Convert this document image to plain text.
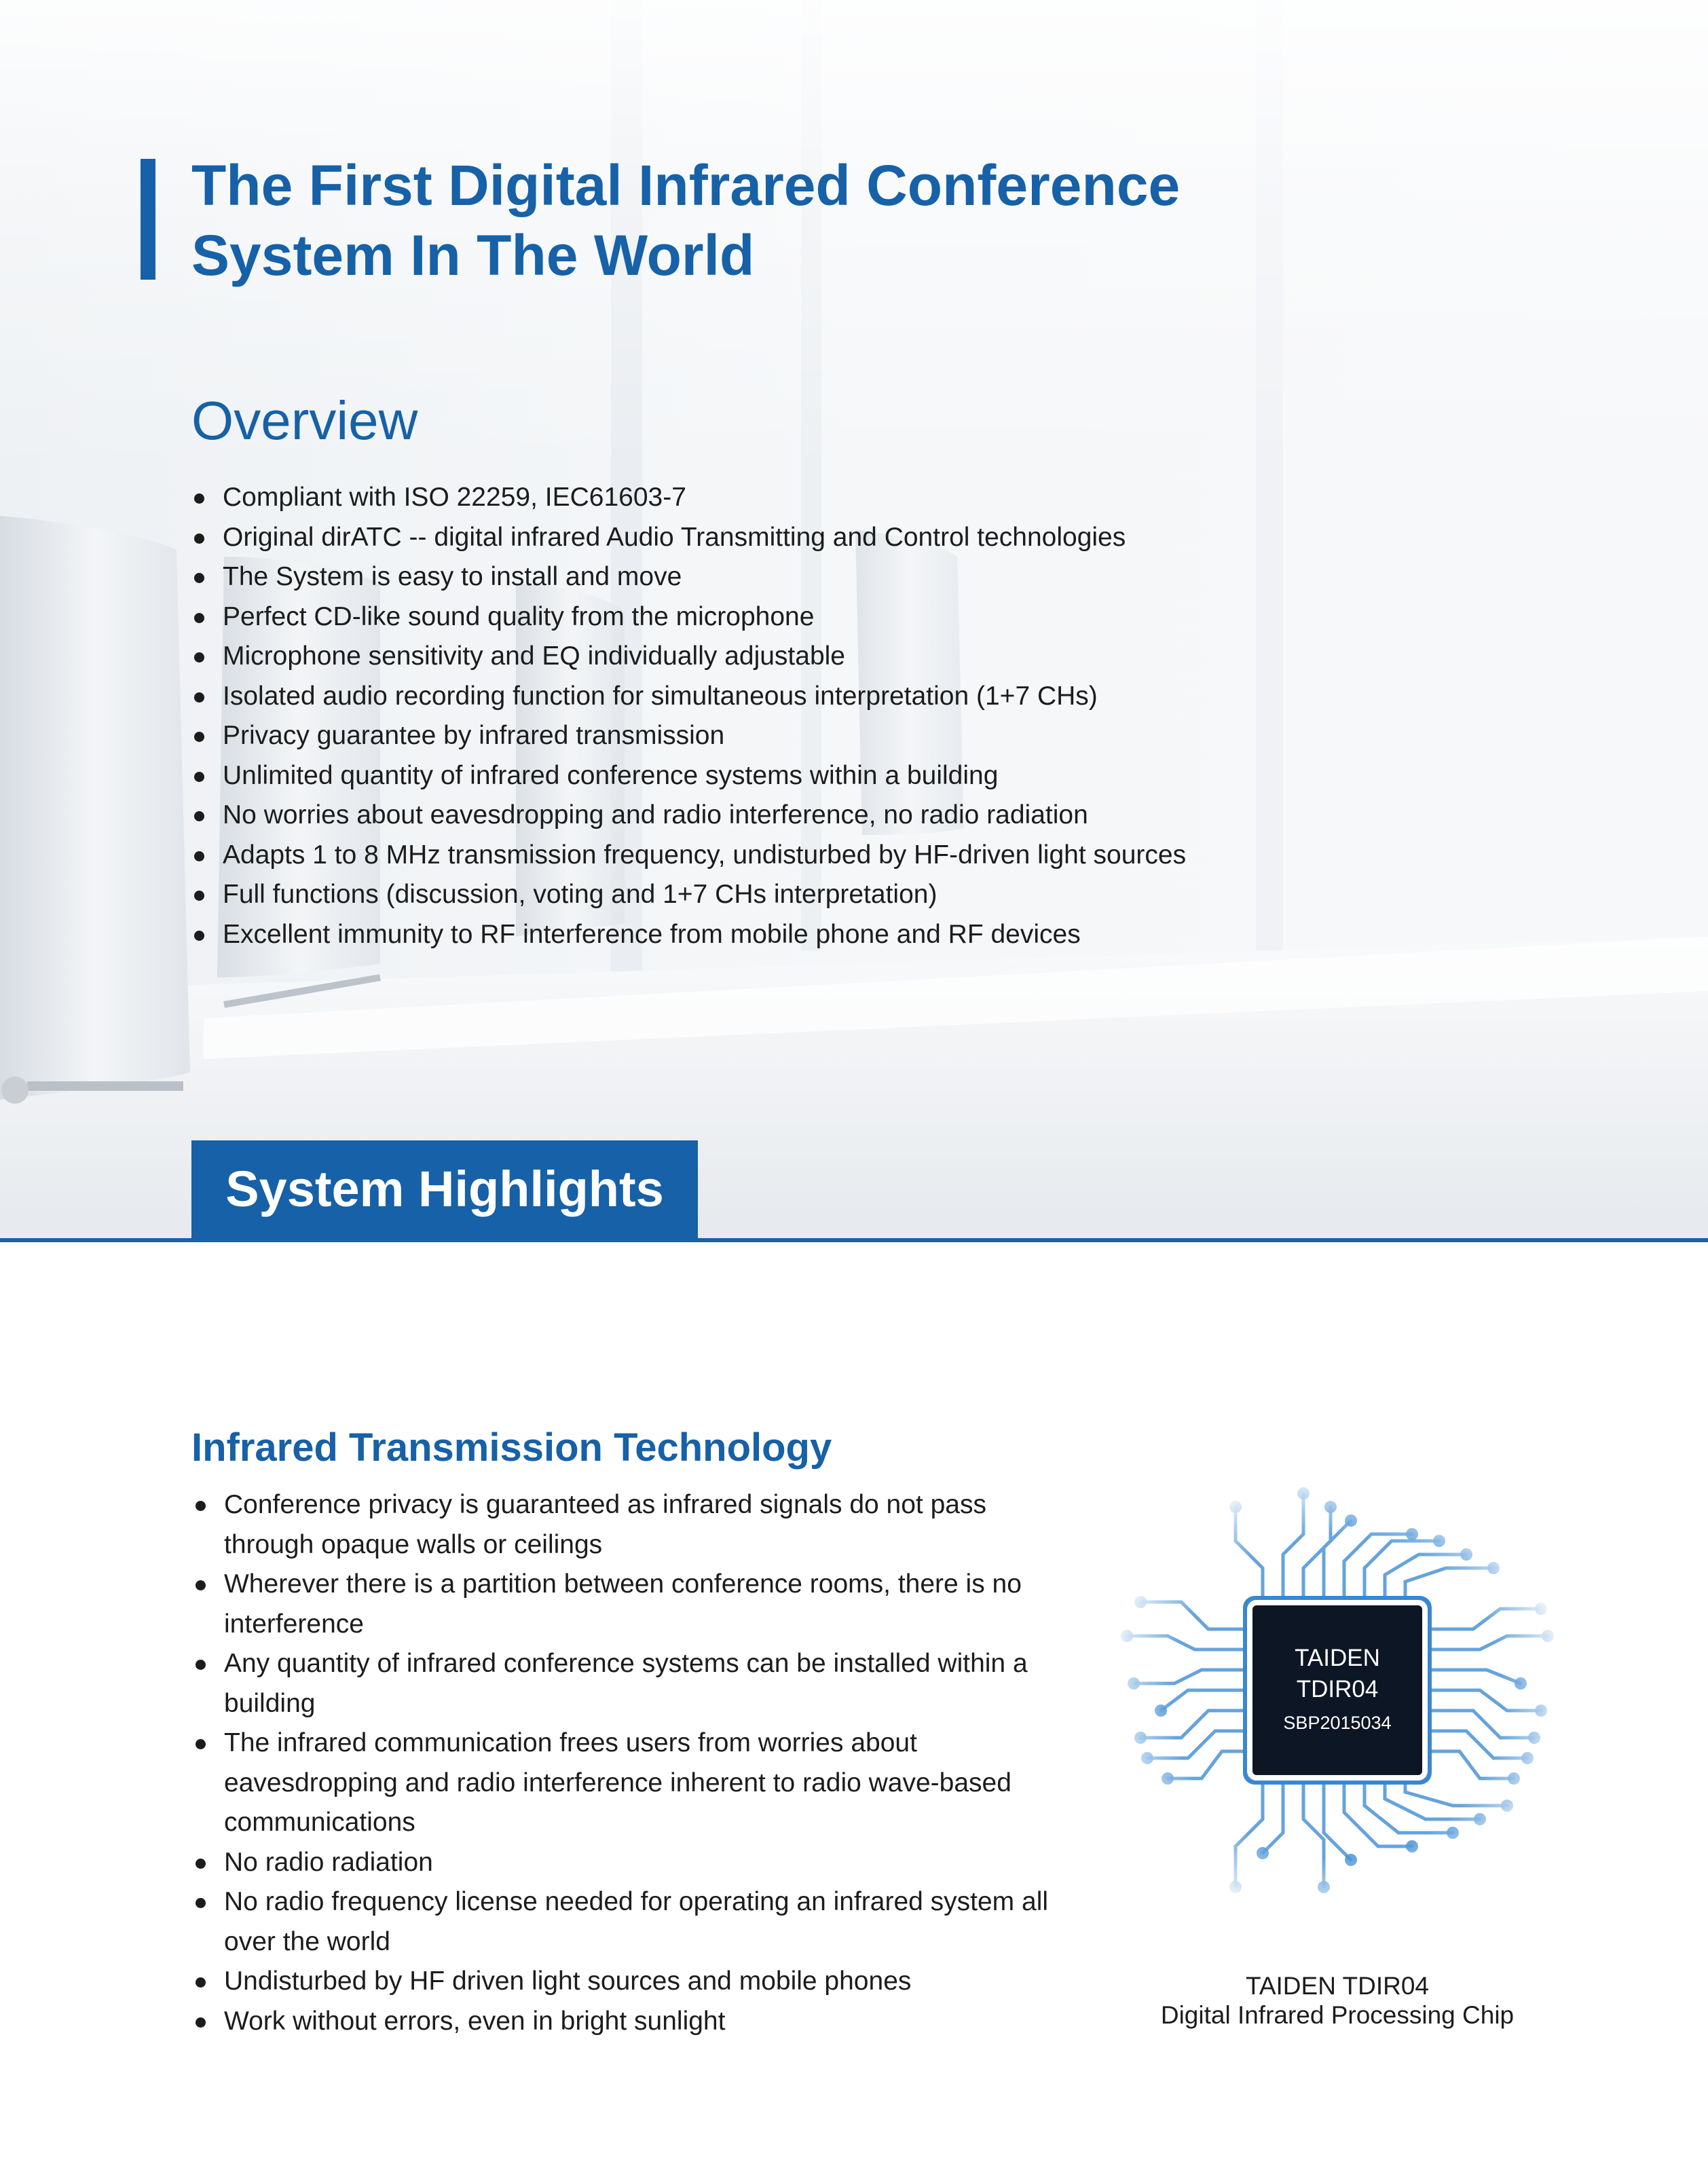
The First Digital Infrared Conference
System In The World
Overview
Compliant with ISO 22259, IEC61603-7
Original dirATC -- digital infrared Audio Transmitting and Control technologies
The System is easy to install and move
Perfect CD-like sound quality from the microphone
Microphone sensitivity and EQ individually adjustable
Isolated audio recording function for simultaneous interpretation (1+7 CHs)
Privacy guarantee by infrared transmission
Unlimited quantity of infrared conference systems within a building
No worries about eavesdropping and radio interference, no radio radiation
Adapts 1 to 8 MHz transmission frequency, undisturbed by HF-driven light sources
Full functions (discussion, voting and 1+7 CHs interpretation)
Excellent immunity to RF interference from mobile phone and RF devices
System Highlights
Infrared Transmission Technology
Conference privacy is guaranteed as infrared signals do not pass through opaque walls or ceilings
Wherever there is a partition between conference rooms, there is no interference
Any quantity of infrared conference systems can be installed within a building
The infrared communication frees users from worries about eavesdropping and radio interference inherent to radio wave-based communications
No radio radiation
No radio frequency license needed for operating an infrared system all over the world
Undisturbed by HF driven light sources and mobile phones
Work without errors, even in bright sunlight
TAIDEN
TDIR04
SBP2015034
TAIDEN TDIR04
Digital Infrared Processing Chip
